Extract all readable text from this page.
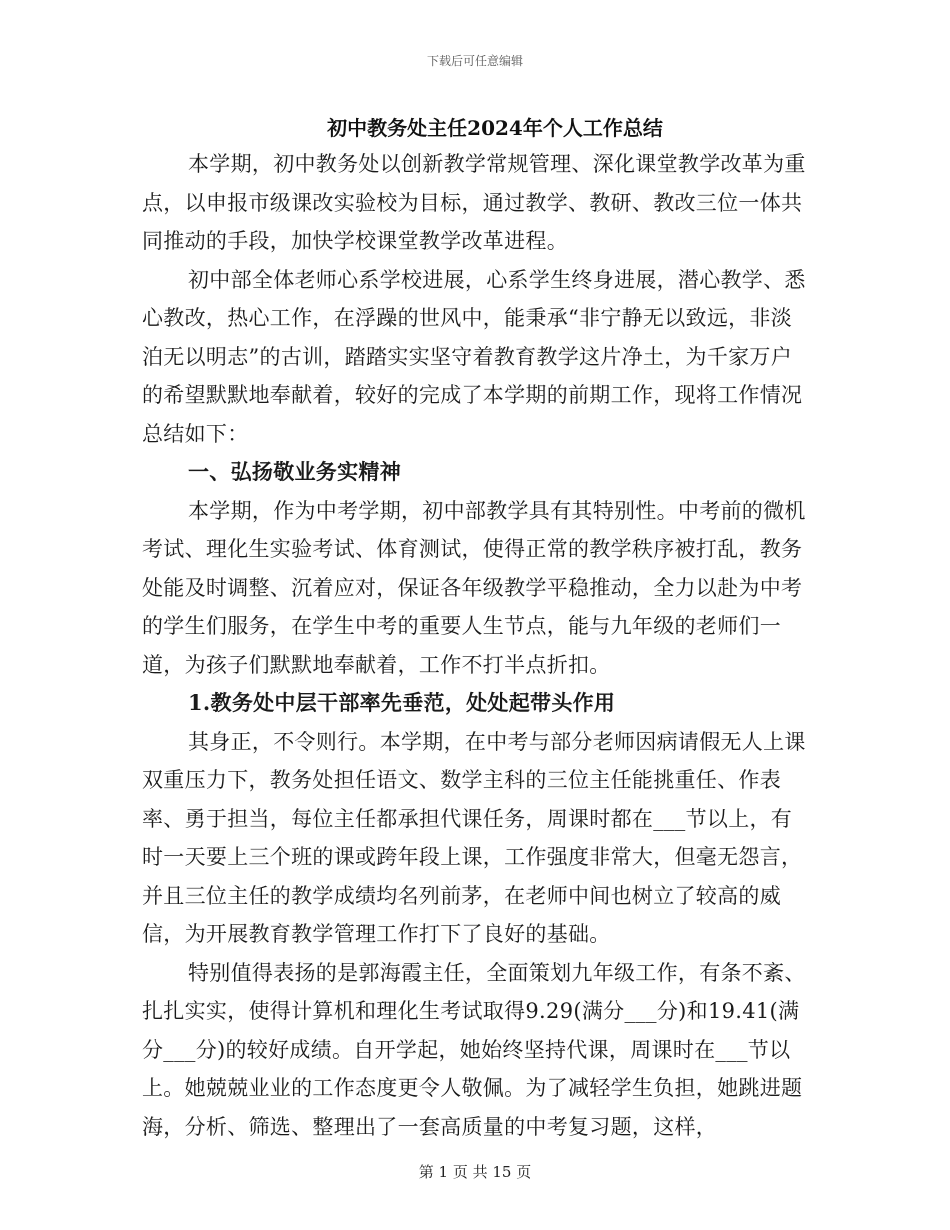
下载后可任意编辑
初中教务处主任2024年个人工作总结

本学期，初中教务处以创新教学常规管理、深化课堂教学改革为重点，以申报市级课改实验校为目标，通过教学、教研、教改三位一体共同推动的手段，加快学校课堂教学改革进程。

初中部全体老师心系学校进展，心系学生终身进展，潜心教学、悉心教改，热心工作，在浮躁的世风中，能秉承“非宁静无以致远，非淡泊无以明志”的古训，踏踏实实坚守着教育教学这片净土，为千家万户的希望默默地奉献着，较好的完成了本学期的前期工作，现将工作情况总结如下：

一、弘扬敬业务实精神

本学期，作为中考学期，初中部教学具有其特别性。中考前的微机考试、理化生实验考试、体育测试，使得正常的教学秩序被打乱，教务处能及时调整、沉着应对，保证各年级教学平稳推动，全力以赴为中考的学生们服务，在学生中考的重要人生节点，能与九年级的老师们一道，为孩子们默默地奉献着，工作不打半点折扣。

1.教务处中层干部率先垂范，处处起带头作用

其身正，不令则行。本学期，在中考与部分老师因病请假无人上课双重压力下，教务处担任语文、数学主科的三位主任能挑重任、作表率、勇于担当，每位主任都承担代课任务，周课时都在___节以上，有时一天要上三个班的课或跨年段上课，工作强度非常大，但毫无怨言，并且三位主任的教学成绩均名列前茅，在老师中间也树立了较高的威信，为开展教育教学管理工作打下了良好的基础。

特别值得表扬的是郭海霞主任，全面策划九年级工作，有条不紊、扎扎实实，使得计算机和理化生考试取得9.29(满分___分)和19.41(满分___分)的较好成绩。自开学起，她始终坚持代课，周课时在___节以上。她兢兢业业的工作态度更令人敬佩。为了减轻学生负担，她跳进题海，分析、筛选、整理出了一套高质量的中考复习题，这样，

第 1 页 共 15 页
